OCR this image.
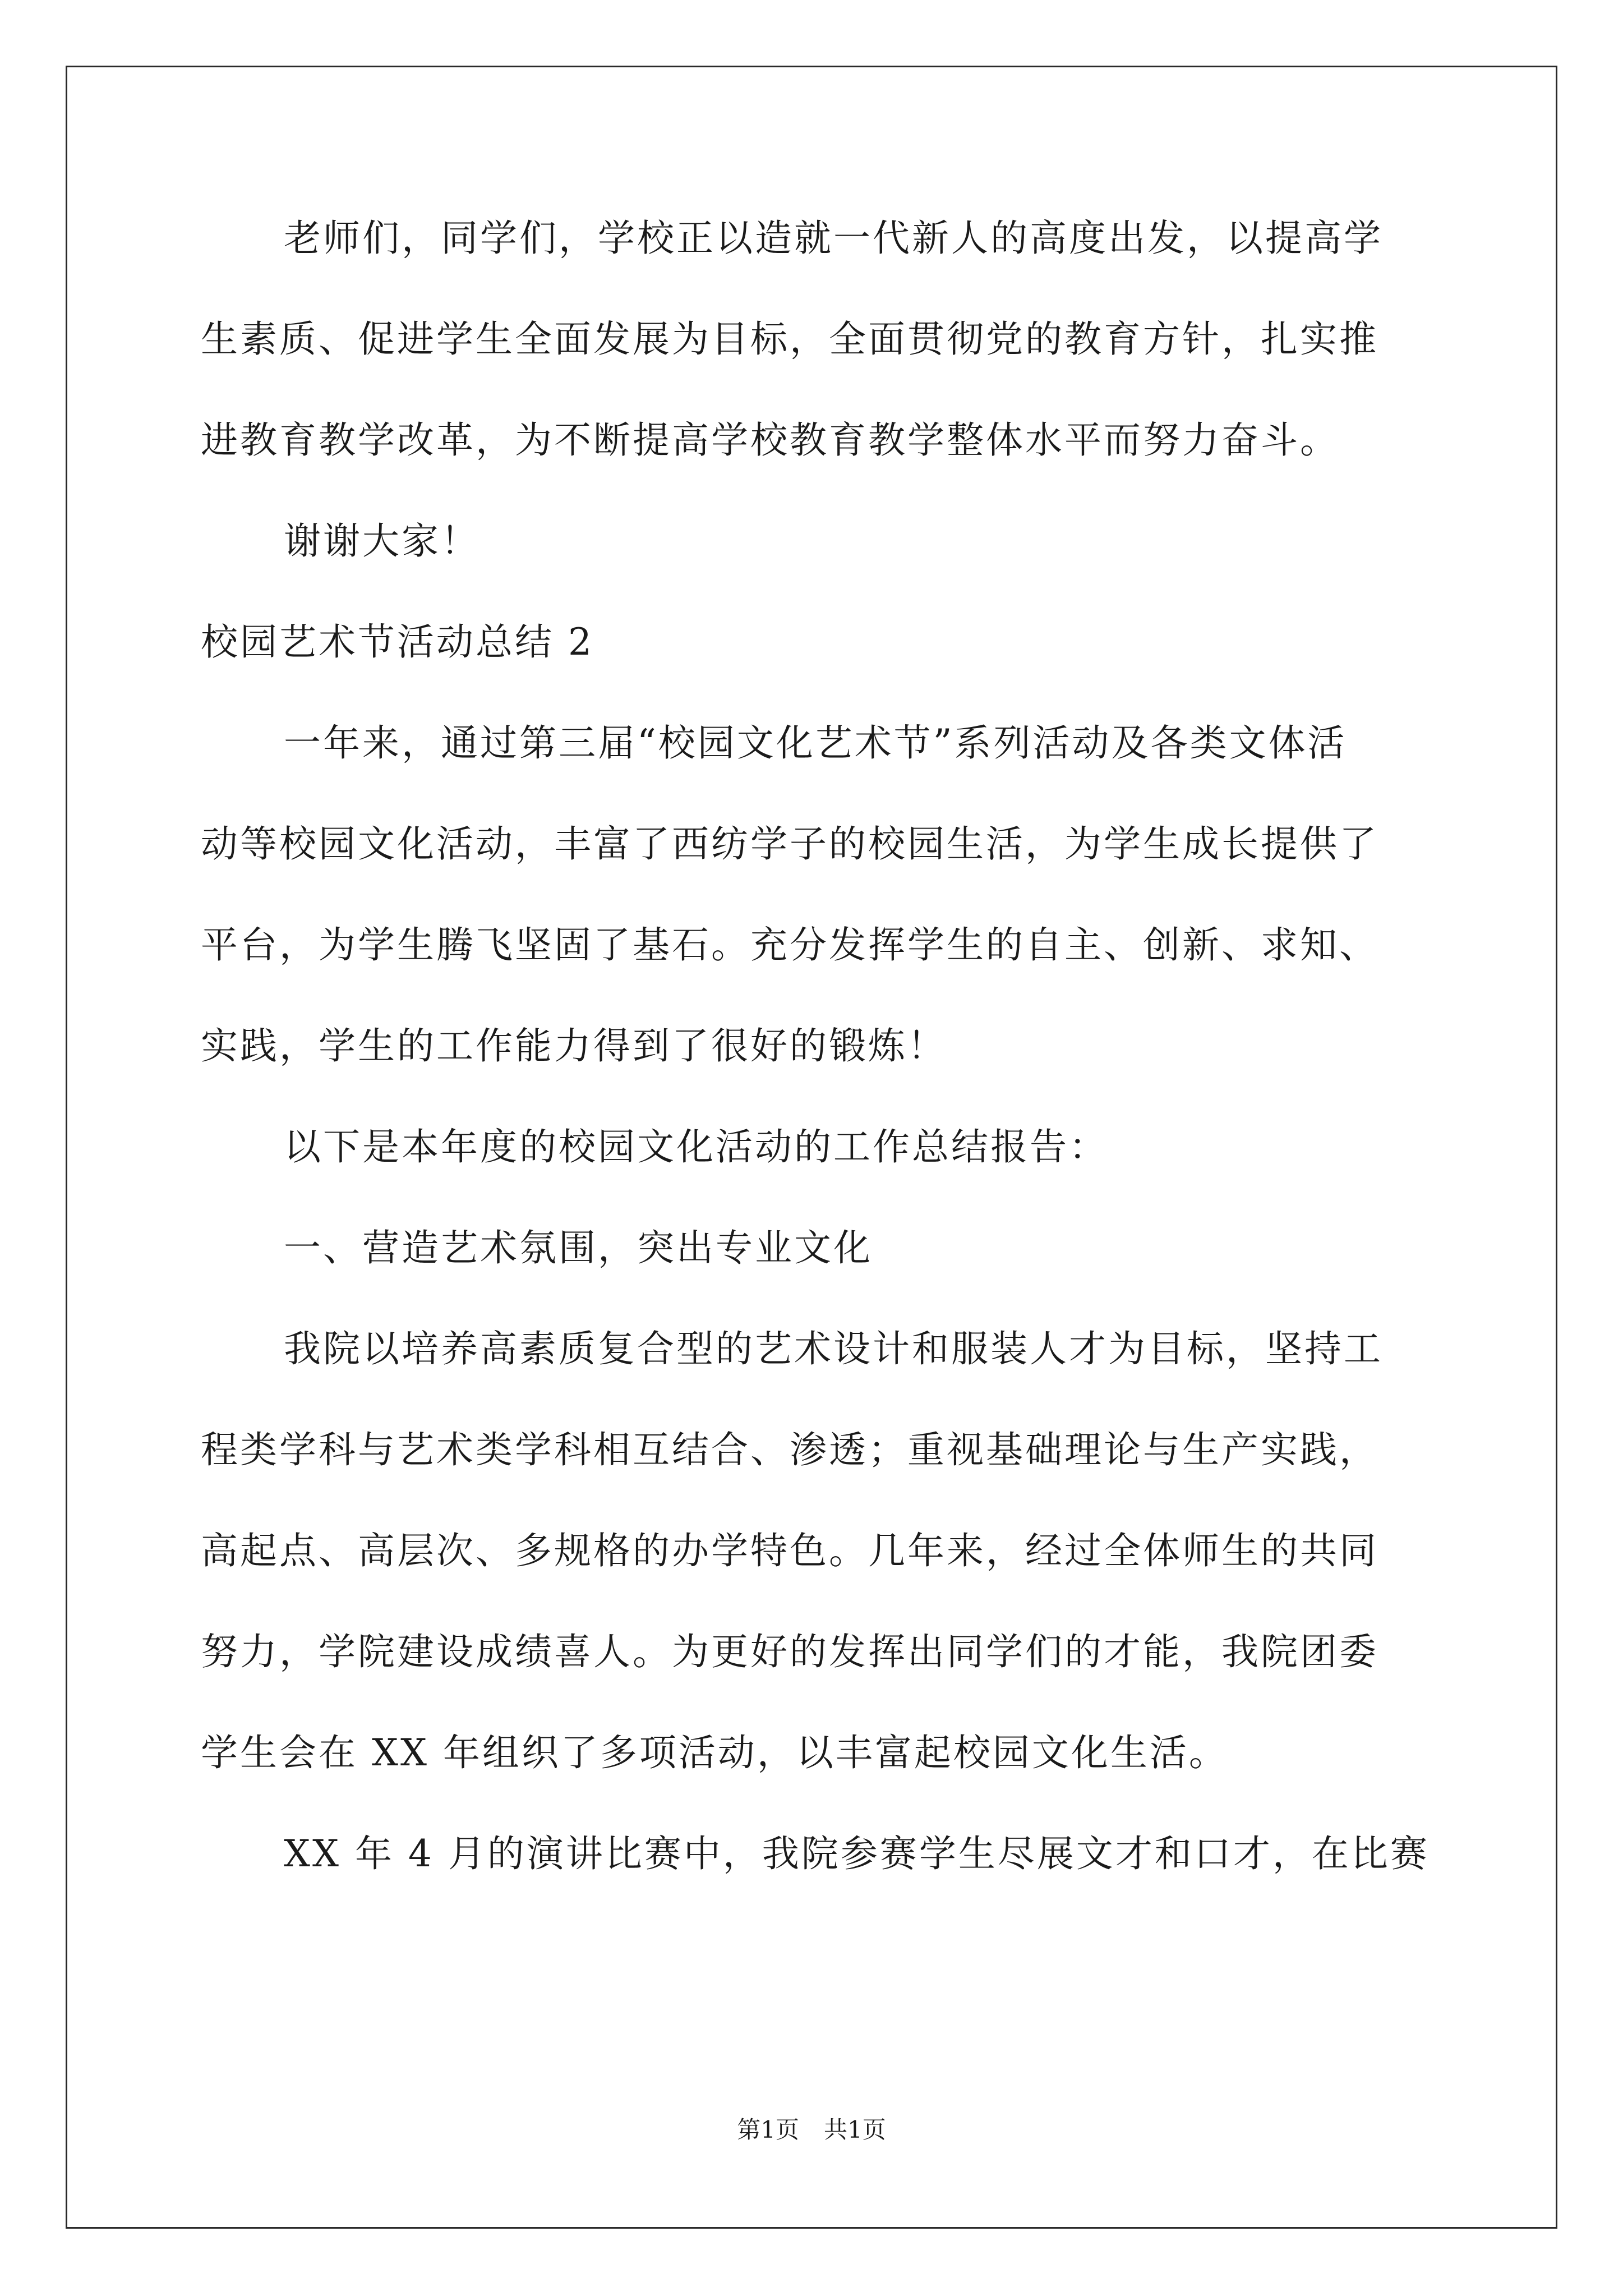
老师们，同学们，学校正以造就一代新人的高度出发，以提高学
生素质、促进学生全面发展为目标，全面贯彻党的教育方针，扎实推
进教育教学改革，为不断提高学校教育教学整体水平而努力奋斗。
谢谢大家！
校园艺术节活动总结 2
一年来，通过第三届“校园文化艺术节”系列活动及各类文体活
动等校园文化活动，丰富了西纺学子的校园生活，为学生成长提供了
平台，为学生腾飞坚固了基石。充分发挥学生的自主、创新、求知、
实践，学生的工作能力得到了很好的锻炼！
以下是本年度的校园文化活动的工作总结报告：
一、营造艺术氛围，突出专业文化
我院以培养高素质复合型的艺术设计和服装人才为目标，坚持工
程类学科与艺术类学科相互结合、渗透；重视基础理论与生产实践，
高起点、高层次、多规格的办学特色。几年来，经过全体师生的共同
努力，学院建设成绩喜人。为更好的发挥出同学们的才能，我院团委
学生会在 XX 年组织了多项活动，以丰富起校园文化生活。
XX 年 4 月的演讲比赛中，我院参赛学生尽展文才和口才，在比赛
第1页 共1页
